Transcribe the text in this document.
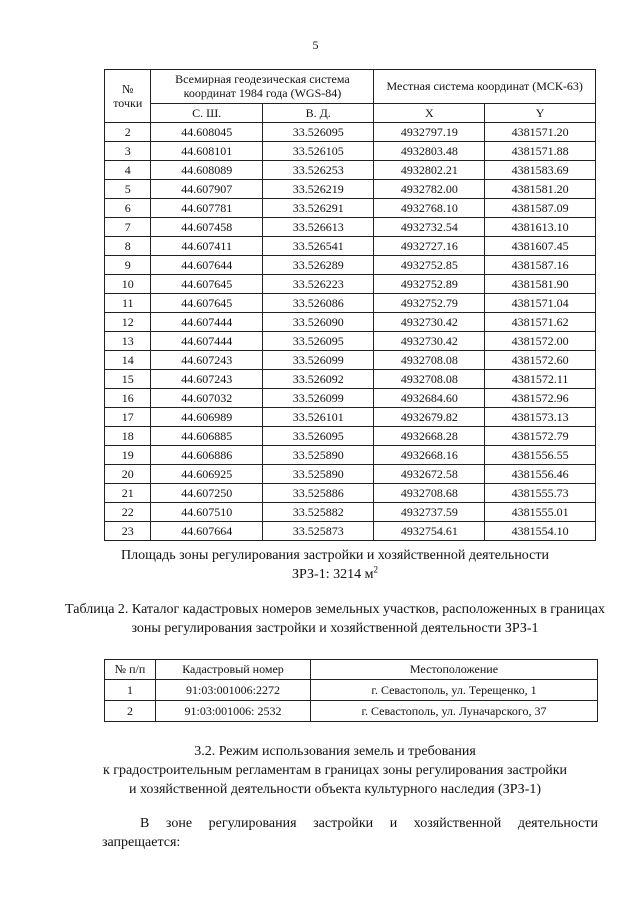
5
№ точки	Всемирная геодезическая система координат 1984 года (WGS-84)		Местная система координат (МСК-63)	
	С. Ш.	В. Д.	X	Y
2	44.608045	33.526095	4932797.19	4381571.20
3	44.608101	33.526105	4932803.48	4381571.88
4	44.608089	33.526253	4932802.21	4381583.69
5	44.607907	33.526219	4932782.00	4381581.20
6	44.607781	33.526291	4932768.10	4381587.09
7	44.607458	33.526613	4932732.54	4381613.10
8	44.607411	33.526541	4932727.16	4381607.45
9	44.607644	33.526289	4932752.85	4381587.16
10	44.607645	33.526223	4932752.89	4381581.90
11	44.607645	33.526086	4932752.79	4381571.04
12	44.607444	33.526090	4932730.42	4381571.62
13	44.607444	33.526095	4932730.42	4381572.00
14	44.607243	33.526099	4932708.08	4381572.60
15	44.607243	33.526092	4932708.08	4381572.11
16	44.607032	33.526099	4932684.60	4381572.96
17	44.606989	33.526101	4932679.82	4381573.13
18	44.606885	33.526095	4932668.28	4381572.79
19	44.606886	33.525890	4932668.16	4381556.55
20	44.606925	33.525890	4932672.58	4381556.46
21	44.607250	33.525886	4932708.68	4381555.73
22	44.607510	33.525882	4932737.59	4381555.01
23	44.607664	33.525873	4932754.61	4381554.10
Площадь зоны регулирования застройки и хозяйственной деятельности
ЗРЗ-1: 3214 $м^2$
Таблица 2. Каталог кадастровых номеров земельных участков, расположенных в границах зоны регулирования застройки и хозяйственной деятельности ЗРЗ-1
№ п/п	Кадастровый номер	Местоположение
1	91:03:001006:2272	г. Севастополь, ул. Терещенко, 1
2	91:03:001006: 2532	г. Севастополь, ул. Луначарского, 37
3.2. Режим использования земель и требования
к градостроительным регламентам в границах зоны регулирования застройки
и хозяйственной деятельности объекта культурного наследия (ЗРЗ-1)
В зоне регулирования застройки и хозяйственной деятельности запрещается:
